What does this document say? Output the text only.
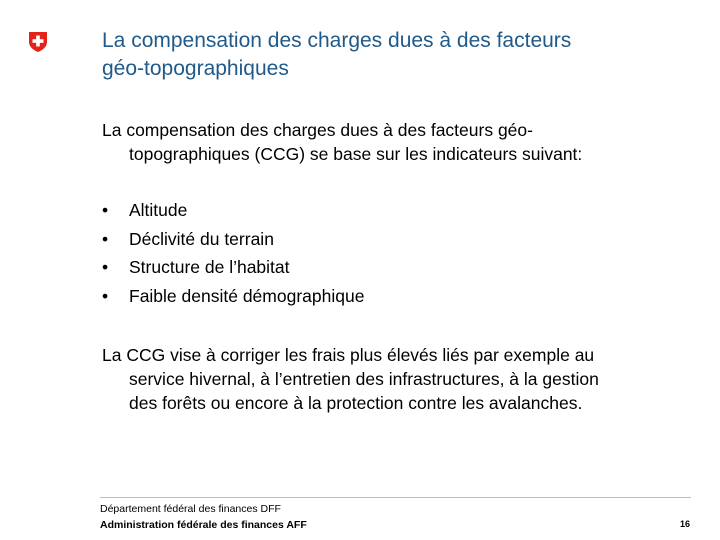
La compensation des charges dues à des facteurs
géo-topographiques

La compensation des charges dues à des facteurs géo-
topographiques (CCG) se base sur les indicateurs suivant:

•	Altitude
•	Déclivité du terrain
•	Structure de l’habitat
•	Faible densité démographique

La CCG vise à corriger les frais plus élevés liés par exemple au
service hivernal, à l’entretien des infrastructures, à la gestion
des forêts ou encore à la protection contre les avalanches.

Département fédéral des finances DFF
Administration fédérale des finances AFF	16
